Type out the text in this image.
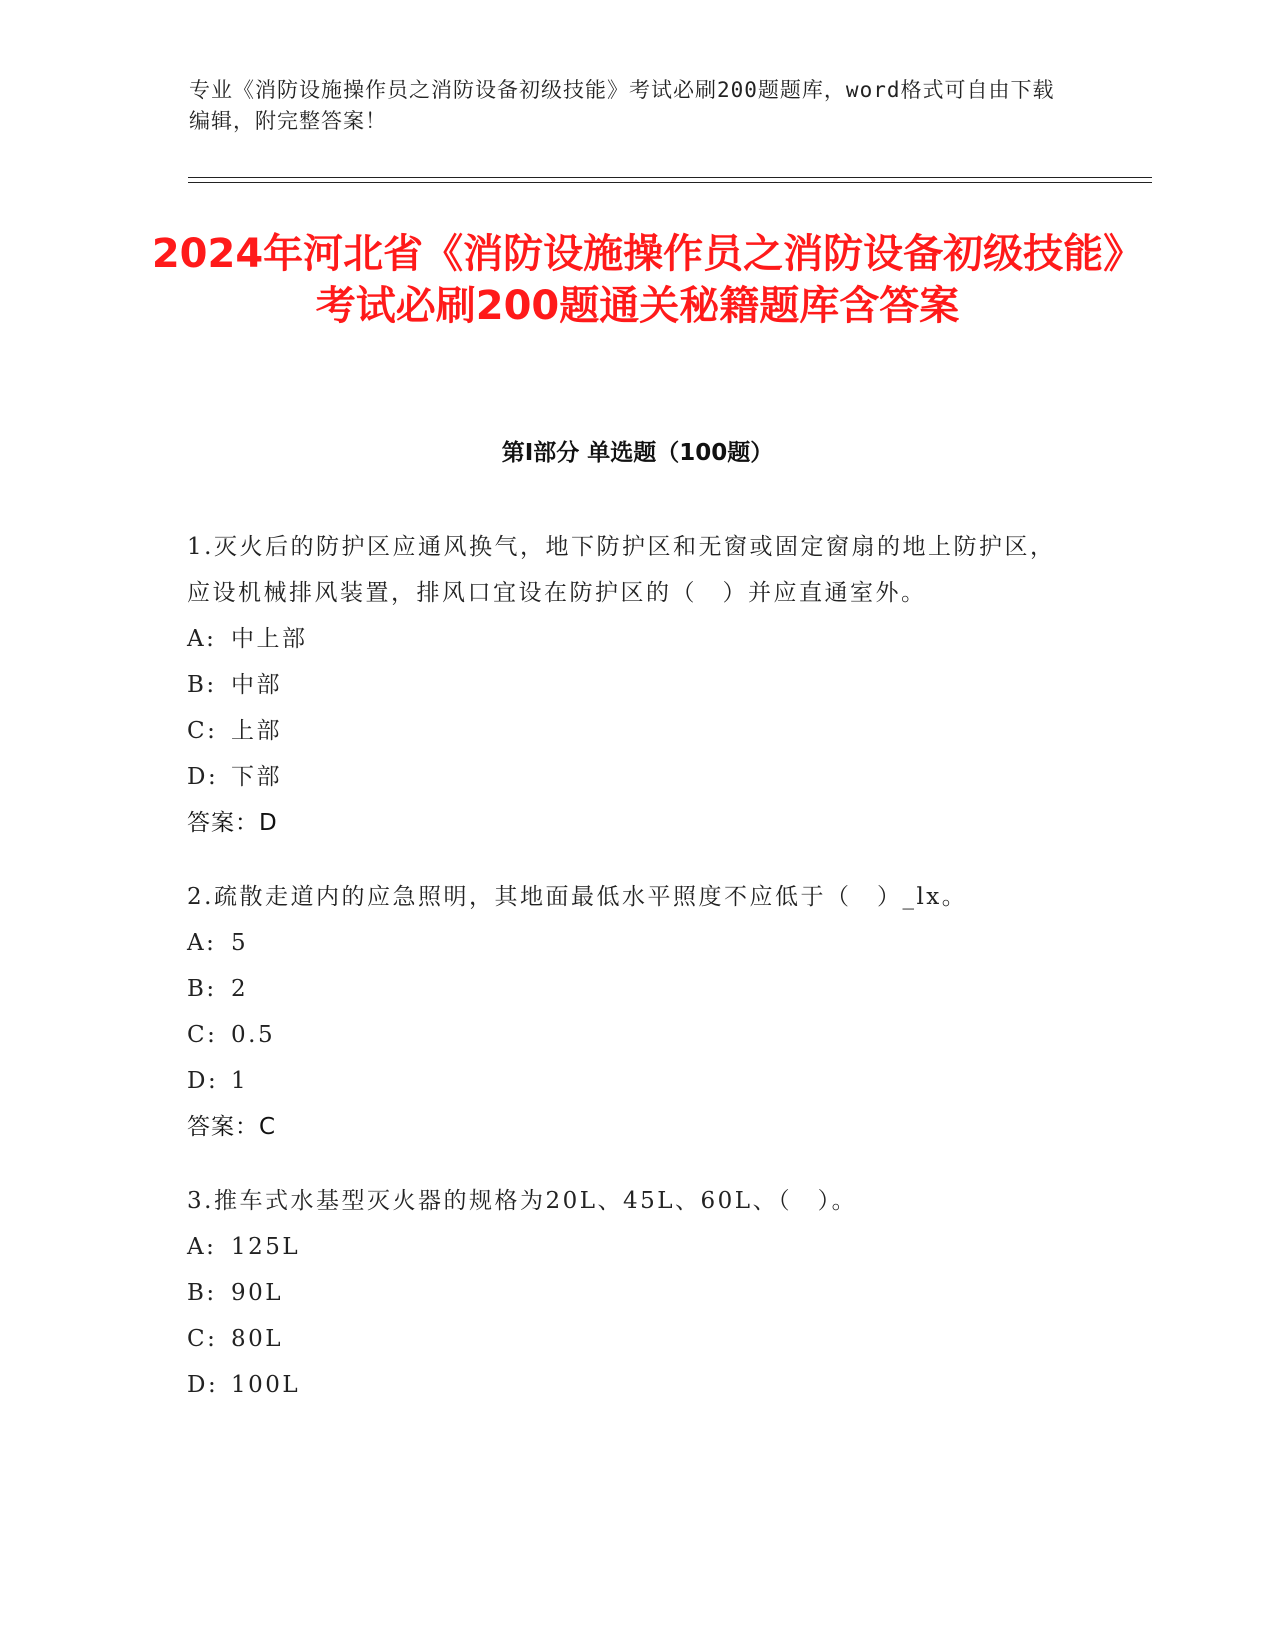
专业《消防设施操作员之消防设备初级技能》考试必刷200题题库，word格式可自由下载编辑，附完整答案！
2024年河北省《消防设施操作员之消防设备初级技能》考试必刷200题通关秘籍题库含答案
第I部分 单选题（100题）

1.灭火后的防护区应通风换气，地下防护区和无窗或固定窗扇的地上防护区，应设机械排风装置，排风口宜设在防护区的（　）并应直通室外。

A: 中上部
B: 中部
C: 上部
D: 下部

答案：D

2.疏散走道内的应急照明，其地面最低水平照度不应低于（　）_lx。

A: 5
B: 2
C: 0.5
D: 1

答案：C

3.推车式水基型灭火器的规格为20L、45L、60L、（　）。

A: 125L
B: 90L
C: 80L
D: 100L
